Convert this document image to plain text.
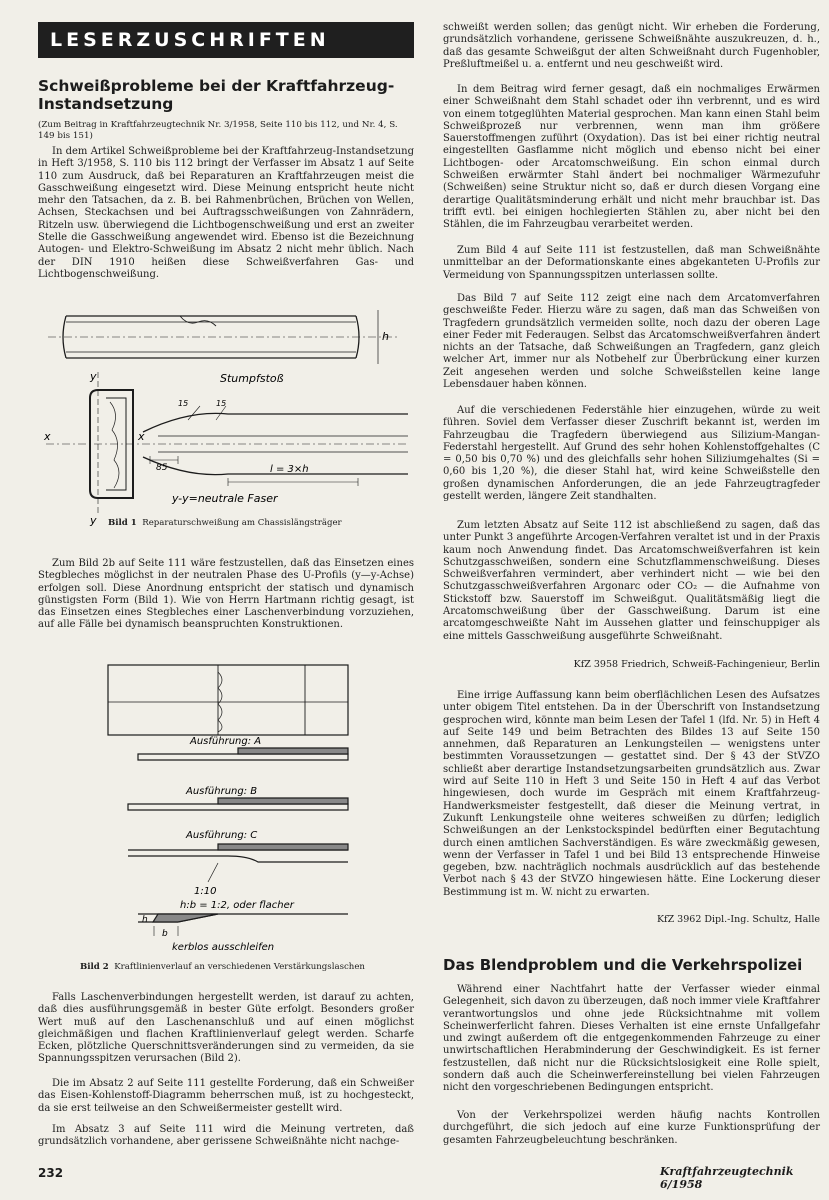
LESERZUSCHRIFTEN
Schweißprobleme bei der Kraftfahrzeug-Instandsetzung
(Zum Beitrag in Kraftfahrzeugtechnik Nr. 3/1958, Seite 110 bis 112, und Nr. 4, S. 149 bis 151)

In dem Artikel Schweißprobleme bei der Kraftfahrzeug-Instandsetzung in Heft 3/1958, S. 110 bis 112 bringt der Verfasser im Absatz 1 auf Seite 110 zum Ausdruck, daß bei Reparaturen an Kraftfahrzeugen meist die Gasschweißung eingesetzt wird. Diese Meinung entspricht heute nicht mehr den Tatsachen, da z. B. bei Rahmenbrüchen, Brüchen von Wellen, Achsen, Steckachsen und bei Auftragsschweißungen von Zahnrädern, Ritzeln usw. überwiegend die Lichtbogenschweißung und erst an zweiter Stelle die Gasschweißung angewendet wird. Ebenso ist die Bezeichnung Autogen- und Elektro-Schweißung im Absatz 2 nicht mehr üblich. Nach der DIN 1910 heißen diese Schweißverfahren Gas- und Lichtbogenschweißung.

Stumpfstoß
y
y
x	x
h
15	15
85	l = 3×h
y-y=neutrale Faser
Bild 1 Reparaturschweißung am Chassislängsträger

Zum Bild 2b auf Seite 111 wäre festzustellen, daß das Einsetzen eines Stegbleches möglichst in der neutralen Phase des U-Profils (y—y-Achse) erfolgen soll. Diese Anordnung entspricht der statisch und dynamisch günstigsten Form (Bild 1). Wie von Herrn Hartmann richtig gesagt, ist das Einsetzen eines Stegbleches einer Laschenverbindung vorzuziehen, auf alle Fälle bei dynamisch beanspruchten Konstruktionen.

Ausführung: A
Ausführung: B
Ausführung: C
1:10
h:b = 1:2, oder flacher
h
b
kerblos ausschleifen
Bild 2 Kraftlinienverlauf an verschiedenen Verstärkungslaschen

Falls Laschenverbindungen hergestellt werden, ist darauf zu achten, daß dies ausführungsgemäß in bester Güte erfolgt. Besonders großer Wert muß auf den Laschenanschluß und auf einen möglichst gleichmäßigen und flachen Kraftlinienverlauf gelegt werden. Scharfe Ecken, plötzliche Querschnittsveränderungen sind zu vermeiden, da sie Spannungsspitzen verursachen (Bild 2).

Die im Absatz 2 auf Seite 111 gestellte Forderung, daß ein Schweißer das Eisen-Kohlenstoff-Diagramm beherrschen muß, ist zu hochgesteckt, da sie erst teilweise an den Schweißermeister gestellt wird.

Im Absatz 3 auf Seite 111 wird die Meinung vertreten, daß grundsätzlich vorhandene, aber gerissene Schweißnähte nicht nachge-

schweißt werden sollen; das genügt nicht. Wir erheben die Forderung, grundsätzlich vorhandene, gerissene Schweißnähte auszukreuzen, d. h., daß das gesamte Schweißgut der alten Schweißnaht durch Fugenhobler, Preßluftmeißel u. a. entfernt und neu geschweißt wird.

In dem Beitrag wird ferner gesagt, daß ein nochmaliges Erwärmen einer Schweißnaht dem Stahl schadet oder ihn verbrennt, und es wird von einem totgeglühten Material gesprochen. Man kann einen Stahl beim Schweißprozeß nur verbrennen, wenn man ihm größere Sauerstoffmengen zuführt (Oxydation). Das ist bei einer richtig neutral eingestellten Gasflamme nicht möglich und ebenso nicht bei einer Lichtbogen- oder Arcatomschweißung. Ein schon einmal durch Schweißen erwärmter Stahl ändert bei nochmaliger Wärmezufuhr (Schweißen) seine Struktur nicht so, daß er durch diesen Vorgang eine derartige Qualitätsminderung erhält und nicht mehr brauchbar ist. Das trifft evtl. bei einigen hochlegierten Stählen zu, aber nicht bei den Stählen, die im Fahrzeugbau verarbeitet werden.

Zum Bild 4 auf Seite 111 ist festzustellen, daß man Schweißnähte unmittelbar an der Deformationskante eines abgekanteten U-Profils zur Vermeidung von Spannungsspitzen unterlassen sollte.

Das Bild 7 auf Seite 112 zeigt eine nach dem Arcatomverfahren geschweißte Feder. Hierzu wäre zu sagen, daß man das Schweißen von Tragfedern grundsätzlich vermeiden sollte, noch dazu der oberen Lage einer Feder mit Federaugen. Selbst das Arcatomschweißverfahren ändert nichts an der Tatsache, daß Schweißungen an Tragfedern, ganz gleich welcher Art, immer nur als Notbehelf zur Überbrückung einer kurzen Zeit angesehen werden und solche Schweißstellen keine lange Lebensdauer haben können.

Auf die verschiedenen Federstähle hier einzugehen, würde zu weit führen. Soviel dem Verfasser dieser Zuschrift bekannt ist, werden im Fahrzeugbau die Tragfedern überwiegend aus Silizium-Mangan-Federstahl hergestellt. Auf Grund des sehr hohen Kohlenstoffgehaltes (C = 0,50 bis 0,70 %) und des gleichfalls sehr hohen Siliziumgehaltes (Si = 0,60 bis 1,20 %), die dieser Stahl hat, wird keine Schweißstelle den großen dynamischen Anforderungen, die an jede Fahrzeugtragfeder gestellt werden, längere Zeit standhalten.

Zum letzten Absatz auf Seite 112 ist abschließend zu sagen, daß das unter Punkt 3 angeführte Arcogen-Verfahren veraltet ist und in der Praxis kaum noch Anwendung findet. Das Arcatomschweißverfahren ist kein Schutzgasschweißen, sondern eine Schutzflammenschweißung. Dieses Schweißverfahren vermindert, aber verhindert nicht — wie bei den Schutzgasschweißverfahren Argonarc oder CO₂ — die Aufnahme von Stickstoff bzw. Sauerstoff im Schweißgut. Qualitätsmäßig liegt die Arcatomschweißung über der Gasschweißung. Darum ist eine arcatomgeschweißte Naht im Aussehen glatter und feinschuppiger als eine mittels Gasschweißung ausgeführte Schweißnaht.

KfZ 3958 Friedrich, Schweiß-Fachingenieur, Berlin

Eine irrige Auffassung kann beim oberflächlichen Lesen des Aufsatzes unter obigem Titel entstehen. Da in der Überschrift von Instandsetzung gesprochen wird, könnte man beim Lesen der Tafel 1 (lfd. Nr. 5) in Heft 4 auf Seite 149 und beim Betrachten des Bildes 13 auf Seite 150 annehmen, daß Reparaturen an Lenkungsteilen — wenigstens unter bestimmten Voraussetzungen — gestattet sind. Der § 43 der StVZO schließt aber derartige Instandsetzungsarbeiten grundsätzlich aus. Zwar wird auf Seite 110 in Heft 3 und Seite 150 in Heft 4 auf das Verbot hingewiesen, doch wurde im Gespräch mit einem Kraftfahrzeug-Handwerksmeister festgestellt, daß dieser die Meinung vertrat, in Zukunft Lenkungsteile ohne weiteres schweißen zu dürfen; lediglich Schweißungen an der Lenkstockspindel bedürften einer Begutachtung durch einen amtlichen Sachverständigen. Es wäre zweckmäßig gewesen, wenn der Verfasser in Tafel 1 und bei Bild 13 entsprechende Hinweise gegeben, bzw. nachträglich nochmals ausdrücklich auf das bestehende Verbot nach § 43 der StVZO hingewiesen hätte. Eine Lockerung dieser Bestimmung ist m. W. nicht zu erwarten.

KfZ 3962 Dipl.-Ing. Schultz, Halle
Das Blendproblem und die Verkehrspolizei

Während einer Nachtfahrt hatte der Verfasser wieder einmal Gelegenheit, sich davon zu überzeugen, daß noch immer viele Kraftfahrer verantwortungslos und ohne jede Rücksichtnahme mit vollem Scheinwerferlicht fahren. Dieses Verhalten ist eine ernste Unfallgefahr und zwingt außerdem oft die entgegenkommenden Fahrzeuge zu einer unwirtschaftlichen Herabminderung der Geschwindigkeit. Es ist ferner festzustellen, daß nicht nur die Rücksichtslosigkeit eine Rolle spielt, sondern daß auch die Scheinwerfereinstellung bei vielen Fahrzeugen nicht den vorgeschriebenen Bedingungen entspricht.

Von der Verkehrspolizei werden häufig nachts Kontrollen durchgeführt, die sich jedoch auf eine kurze Funktionsprüfung der gesamten Fahrzeugbeleuchtung beschränken.

232	Kraftfahrzeugtechnik 6/1958
